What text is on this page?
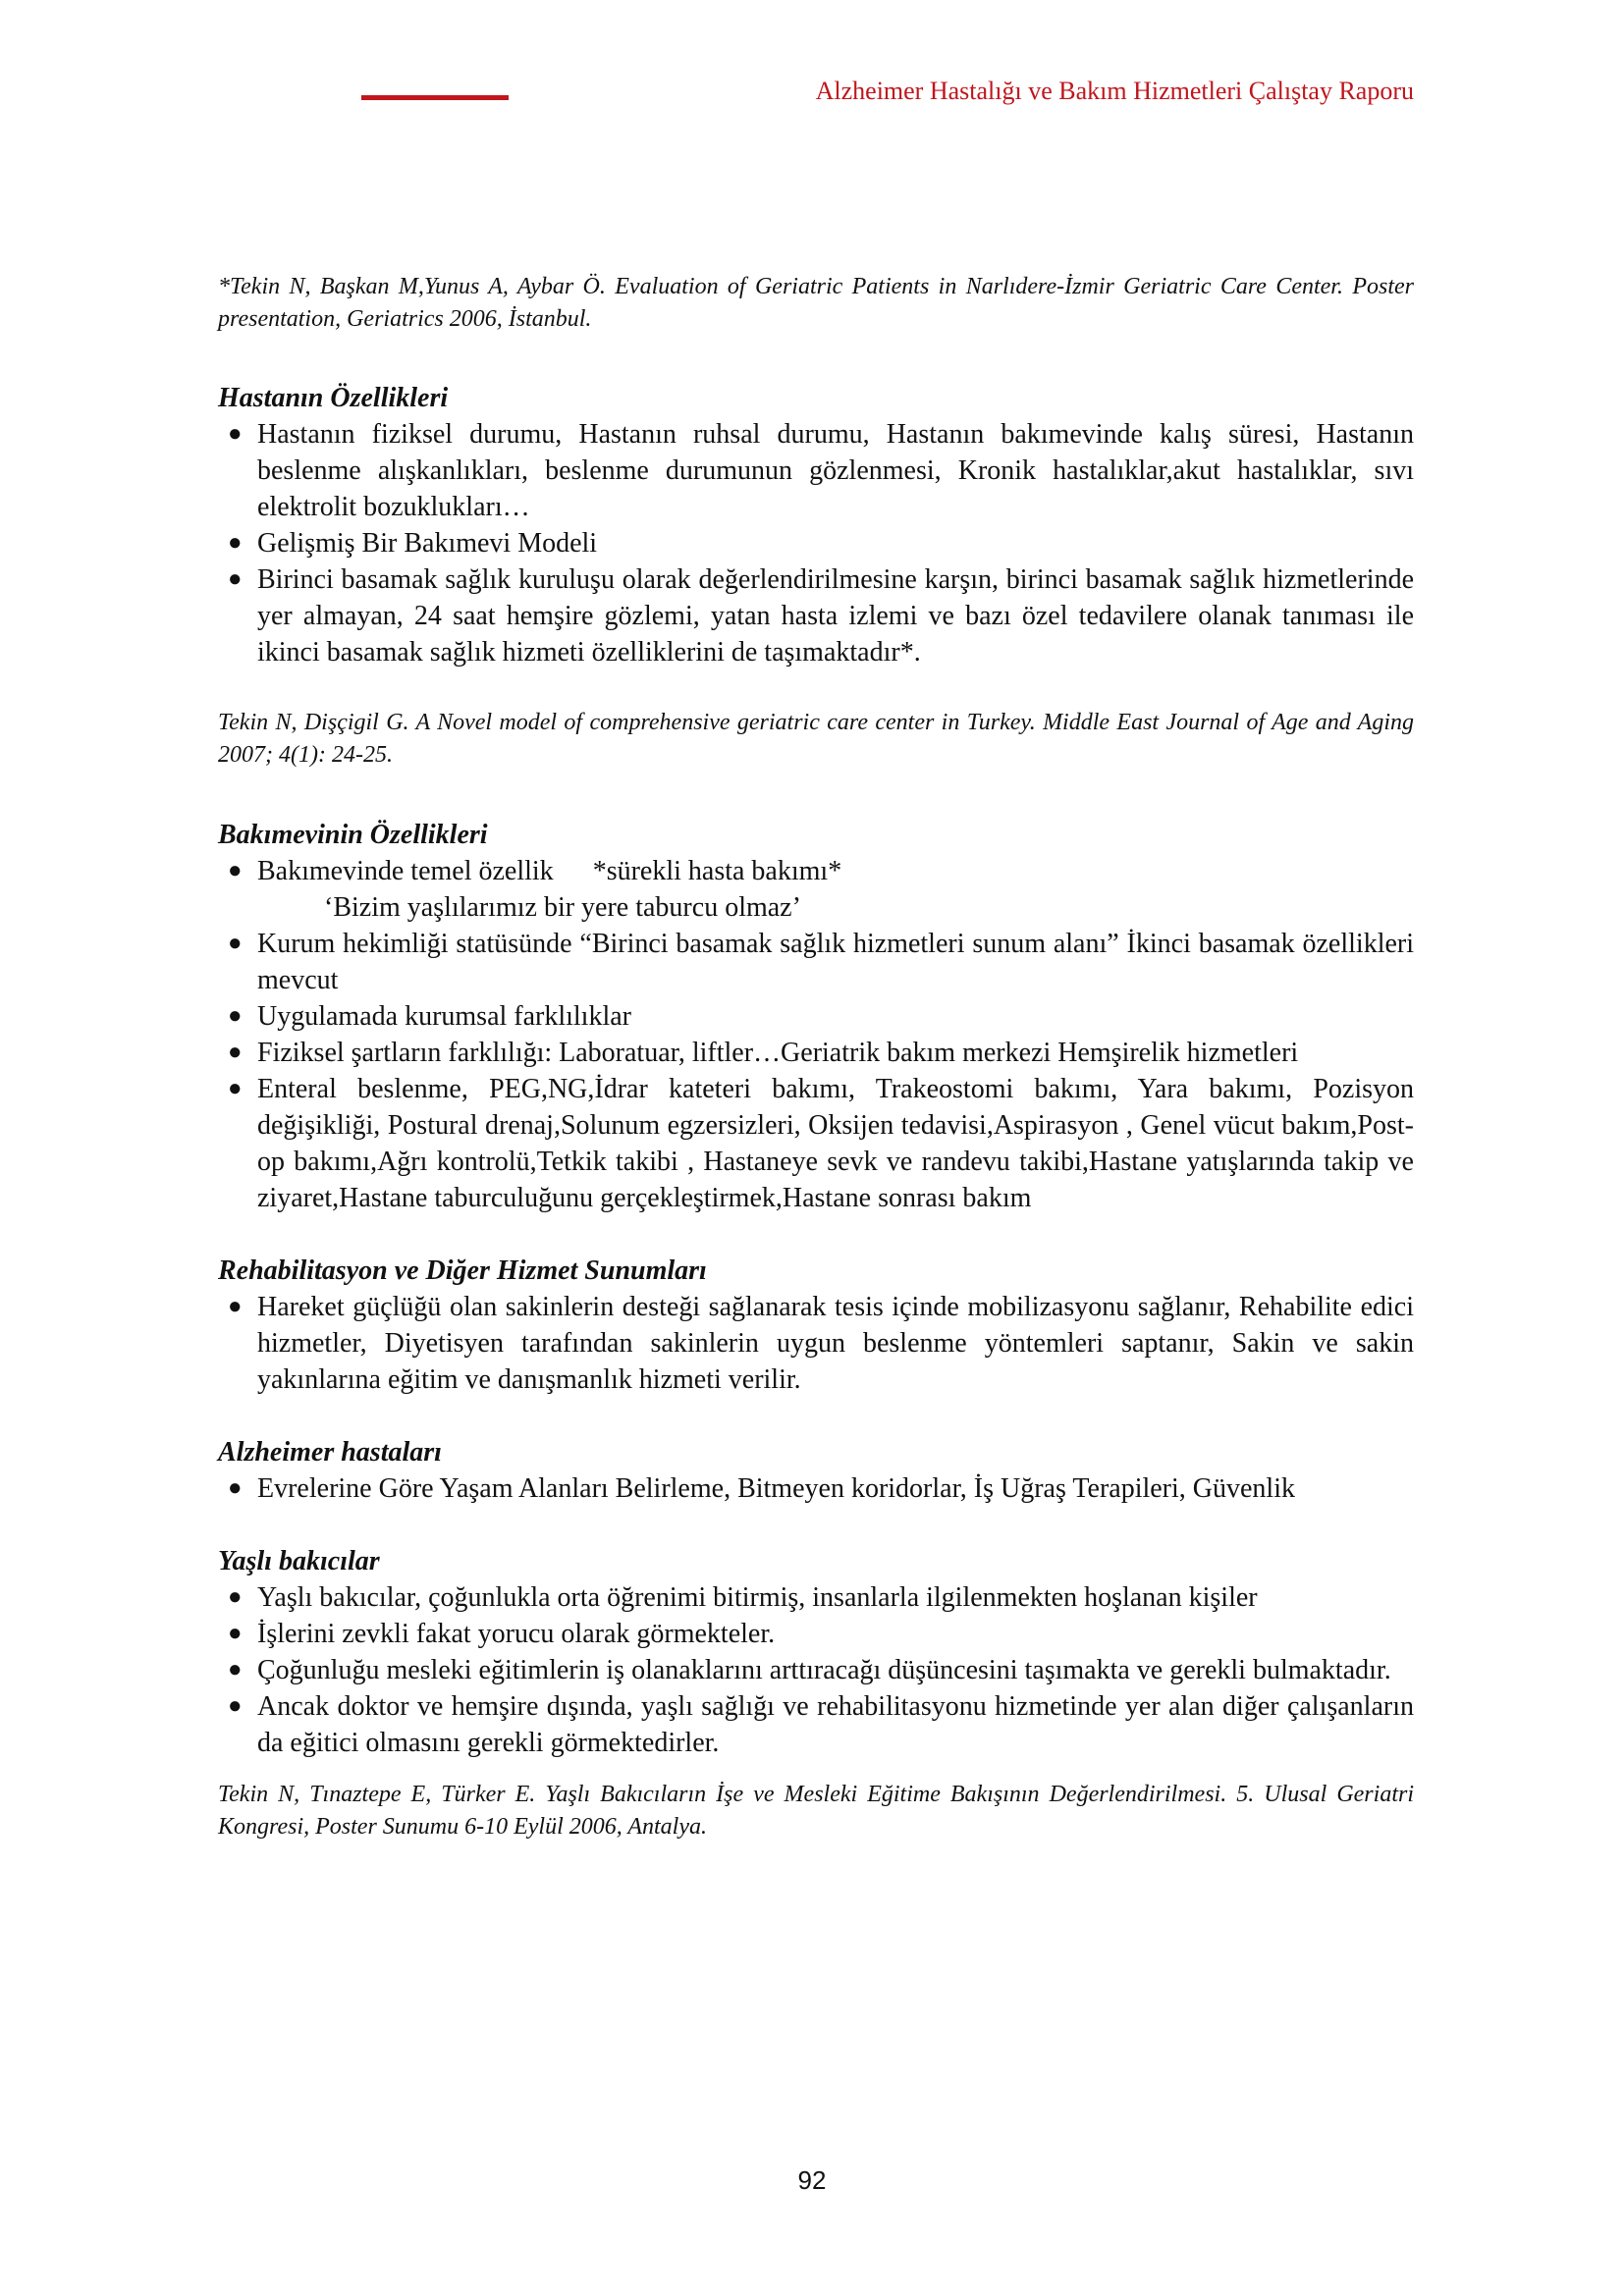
Alzheimer Hastalığı ve Bakım Hizmetleri Çalıştay Raporu

*Tekin N, Başkan M,Yunus A, Aybar Ö. Evaluation of Geriatric Patients in Narlıdere-İzmir Geriatric Care Center. Poster presentation, Geriatrics 2006, İstanbul.

Hastanın Özellikleri
● Hastanın fiziksel durumu, Hastanın ruhsal durumu, Hastanın bakımevinde kalış süresi, Hastanın beslenme alışkanlıkları, beslenme durumunun gözlenmesi, Kronik hastalıklar,akut hastalıklar, sıvı elektrolit bozuklukları…
● Gelişmiş Bir Bakımevi Modeli
● Birinci basamak sağlık kuruluşu olarak değerlendirilmesine karşın, birinci basamak sağlık hizmetlerinde yer almayan, 24 saat hemşire gözlemi, yatan hasta izlemi ve bazı özel tedavilere olanak tanıması ile ikinci basamak sağlık hizmeti özelliklerini de taşımaktadır*.

Tekin N, Dişçigil G. A Novel model of comprehensive geriatric care center in Turkey. Middle East Journal of Age and Aging 2007; 4(1): 24-25.

Bakımevinin Özellikleri
● Bakımevinde temel özellik *sürekli hasta bakımı*
‘Bizim yaşlılarımız bir yere taburcu olmaz’
● Kurum hekimliği statüsünde “Birinci basamak sağlık hizmetleri sunum alanı” İkinci basamak özellikleri mevcut
● Uygulamada kurumsal farklılıklar
● Fiziksel şartların farklılığı: Laboratuar, liftler…Geriatrik bakım merkezi Hemşirelik hizmetleri
● Enteral beslenme, PEG,NG,İdrar kateteri bakımı, Trakeostomi bakımı, Yara bakımı, Pozisyon değişikliği, Postural drenaj,Solunum egzersizleri, Oksijen tedavisi,Aspirasyon , Genel vücut bakım,Post-op bakımı,Ağrı kontrolü,Tetkik takibi , Hastaneye sevk ve randevu takibi,Hastane yatışlarında takip ve ziyaret,Hastane taburculuğunu gerçekleştirmek,Hastane sonrası bakım
Rehabilitasyon ve Diğer Hizmet Sunumları
● Hareket güçlüğü olan sakinlerin desteği sağlanarak tesis içinde mobilizasyonu sağlanır, Rehabilite edici hizmetler, Diyetisyen tarafından sakinlerin uygun beslenme yöntemleri saptanır, Sakin ve sakin yakınlarına eğitim ve danışmanlık hizmeti verilir.
Alzheimer hastaları
● Evrelerine Göre Yaşam Alanları Belirleme, Bitmeyen koridorlar, İş Uğraş Terapileri, Güvenlik
Yaşlı bakıcılar
● Yaşlı bakıcılar, çoğunlukla orta öğrenimi bitirmiş, insanlarla ilgilenmekten hoşlanan kişiler
● İşlerini zevkli fakat yorucu olarak görmekteler.
● Çoğunluğu mesleki eğitimlerin iş olanaklarını arttıracağı düşüncesini taşımakta ve gerekli bulmaktadır.
● Ancak doktor ve hemşire dışında, yaşlı sağlığı ve rehabilitasyonu hizmetinde yer alan diğer çalışanların da eğitici olmasını gerekli görmektedirler.

Tekin N, Tınaztepe E, Türker E. Yaşlı Bakıcıların İşe ve Mesleki Eğitime Bakışının Değerlendirilmesi. 5. Ulusal Geriatri Kongresi, Poster Sunumu 6-10 Eylül 2006, Antalya.

92
